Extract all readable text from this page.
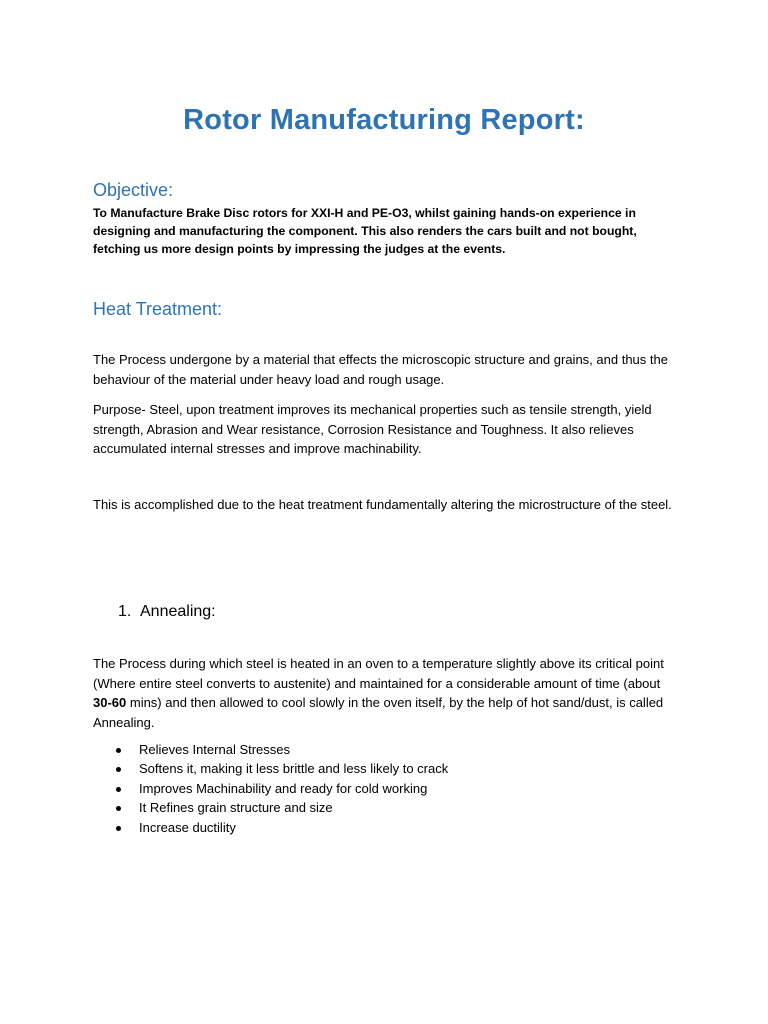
Rotor Manufacturing Report:
Objective:

To Manufacture Brake Disc rotors for XXI-H and PE-O3, whilst gaining hands-on experience in designing and manufacturing the component. This also renders the cars built and not bought, fetching us more design points by impressing the judges at the events.

Heat Treatment:

The Process undergone by a material that effects the microscopic structure and grains, and thus the behaviour of the material under heavy load and rough usage.

Purpose- Steel, upon treatment improves its mechanical properties such as tensile strength, yield strength, Abrasion and Wear resistance, Corrosion Resistance and Toughness. It also relieves accumulated internal stresses and improve machinability.

This is accomplished due to the heat treatment fundamentally altering the microstructure of the steel.

1. Annealing:

The Process during which steel is heated in an oven to a temperature slightly above its critical point (Where entire steel converts to austenite) and maintained for a considerable amount of time (about 30-60 mins) and then allowed to cool slowly in the oven itself, by the help of hot sand/dust, is called Annealing.

Relieves Internal Stresses
Softens it, making it less brittle and less likely to crack
Improves Machinability and ready for cold working
It Refines grain structure and size
Increase ductility
